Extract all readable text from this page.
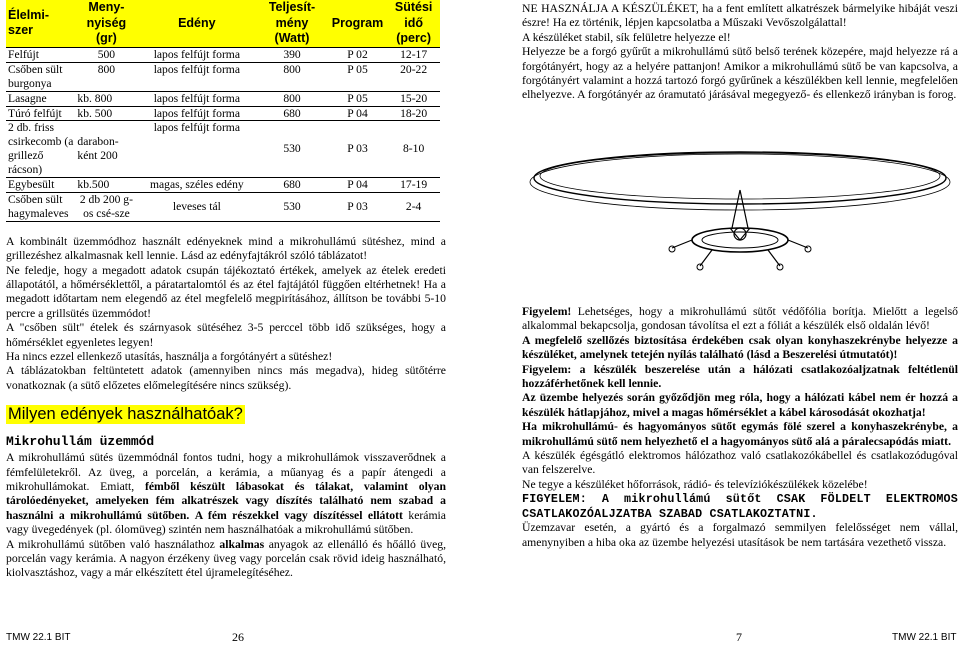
Élelmi-szer	Meny-nyiség (gr)	Edény	Teljesít-mény (Watt)	Program	Sütési idő (perc)
Felfújt	500	lapos felfújt forma	390	P 02	12-17
Csőben sült burgonya	800	lapos felfújt forma	800	P 05	20-22
Lasagne	kb. 800	lapos felfújt forma	800	P 05	15-20
Túró felfújt	kb. 500	lapos felfújt forma	680	P 04	18-20
2 db. friss csirkecomb (a grillező rácson)	darabon-ként 200	lapos felfújt forma	530	P 03	8-10
Egybesült	kb.500	magas, széles edény	680	P 04	17-19
Csőben sült hagymaleves	2 db 200 g-os csé-sze	leveses tál	530	P 03	2-4

A kombinált üzemmódhoz használt edényeknek mind a mikrohullámú sütéshez, mind a grillezéshez alkalmasnak kell lennie. Lásd az edényfajtákról szóló táblázatot!

Ne feledje, hogy a megadott adatok csupán tájékoztató értékek, amelyek az ételek eredeti állapotától, a hőmérséklettől, a páratartalomtól és az étel fajtájától függően eltérhetnek! Ha a megadott időtartam nem elegendő az étel megfelelő megpirításához, állítson be további 5-10 percre a grillsütés üzemmódot!

A "csőben sült" ételek és szárnyasok sütéséhez 3-5 perccel több idő szükséges, hogy a hőmérséklet egyenletes legyen!

Ha nincs ezzel ellenkező utasítás, használja a forgótányért a sütéshez!

A táblázatokban feltüntetett adatok (amennyiben nincs más megadva), hideg sütőtérre vonatkoznak (a sütő előzetes előmelegítésére nincs szükség).

Milyen edények használhatóak?
Mikrohullám üzemmód

A mikrohullámú sütés üzemmódnál fontos tudni, hogy a mikrohullámok visszaverődnek a fémfelületekről. Az üveg, a porcelán, a kerámia, a műanyag és a papír átengedi a mikrohullámokat. Emiatt, fémből készült lábasokat és tálakat, valamint olyan tárolóedényeket, amelyeken fém alkatrészek vagy díszítés található nem szabad a használni a mikrohullámú sütőben. A fém részekkel vagy díszítéssel ellátott kerámia vagy üvegedények (pl. ólomüveg) szintén nem használhatóak a mikrohullámú sütőben.

A mikrohullámú sütőben való használathoz alkalmas anyagok az ellenálló és hőálló üveg, porcelán vagy kerámia. A nagyon érzékeny üveg vagy porcelán csak rövid ideig használható, kiolvasztáshoz, vagy a már elkészített étel újramelegítéséhez.

NE HASZNÁLJA A KÉSZÜLÉKET, ha a fent említett alkatrészek bármelyike hibáját veszi észre! Ha ez történik, lépjen kapcsolatba a Műszaki Vevőszolgálattal!

A készüléket stabil, sík felületre helyezze el!

Helyezze be a forgó gyűrűt a mikrohullámú sütő belső terének közepére, majd helyezze rá a forgótányért, hogy az a helyére pattanjon! Amikor a mikrohullámú sütő be van kapcsolva, a forgótányért valamint a hozzá tartozó forgó gyűrűnek a készülékben kell lennie, megfelelően elhelyezve. A forgótányér az óramutató járásával megegyező- és ellenkező irányban is forog.

Figyelem! Lehetséges, hogy a mikrohullámú sütőt védőfólia borítja. Mielőtt a legelső alkalommal bekapcsolja, gondosan távolítsa el ezt a fóliát a készülék első oldalán lévő!

A megfelelő szellőzés biztosítása érdekében csak olyan konyhaszekrénybe helyezze a készüléket, amelynek tetején nyílás található (lásd a Beszerelési útmutatót)!

Figyelem: a készülék beszerelése után a hálózati csatlakozóaljzatnak feltétlenül hozzáférhetőnek kell lennie.

Az üzembe helyezés során győződjön meg róla, hogy a hálózati kábel nem ér hozzá a készülék hátlapjához, mivel a magas hőmérséklet a kábel károsodását okozhatja!

Ha mikrohullámú- és hagyományos sütőt egymás fölé szerel a konyhaszekrénybe, a mikrohullámú sütő nem helyezhető el a hagyományos sütő alá a páralecsapódás miatt.

A készülék égésgátló elektromos hálózathoz való csatlakozókábellel és csatlakozódugóval van felszerelve.

Ne tegye a készüléket hőforrások, rádió- és televíziókészülékek közelébe!

FIGYELEM: A mikrohullámú sütőt CSAK FÖLDELT ELEKTROMOS CSATLAKOZÓALJZATBA SZABAD CSATLAKOZTATNI.

Üzemzavar esetén, a gyártó és a forgalmazó semmilyen felelősséget nem vállal, amenynyiben a hiba oka az üzembe helyezési utasítások be nem tartására vezethető vissza.

TMW 22.1 BIT	26	7	TMW 22.1 BIT
